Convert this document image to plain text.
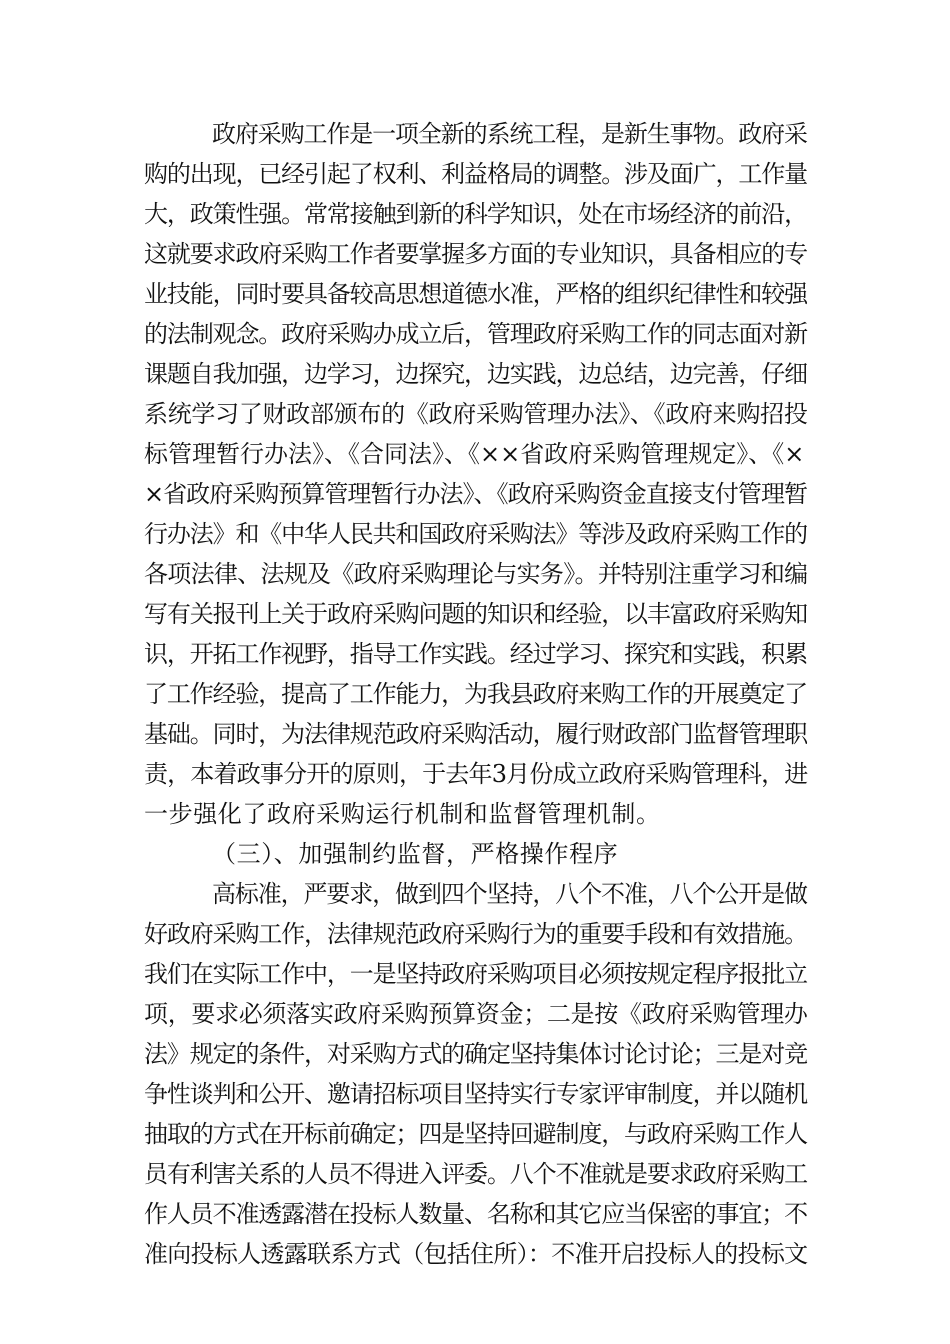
政府采购工作是一项全新的系统工程，是新生事物。政府采
购的出现，已经引起了权利、利益格局的调整。涉及面广，工作量
大，政策性强。常常接触到新的科学知识，处在市场经济的前沿，
这就要求政府采购工作者要掌握多方面的专业知识，具备相应的专
业技能，同时要具备较高思想道德水准，严格的组织纪律性和较强
的法制观念。政府采购办成立后，管理政府采购工作的同志面对新
课题自我加强，边学习，边探究，边实践，边总结，边完善，仔细
系统学习了财政部颁布的《政府采购管理办法》、《政府来购招投
标管理暂行办法》、《合同法》、《××省政府采购管理规定》、《×
×省政府采购预算管理暂行办法》、《政府采购资金直接支付管理暂
行办法》和《中华人民共和国政府采购法》等涉及政府采购工作的
各项法律、法规及《政府采购理论与实务》。并特别注重学习和编
写有关报刊上关于政府采购问题的知识和经验，以丰富政府采购知
识，开拓工作视野，指导工作实践。经过学习、探究和实践，积累
了工作经验，提高了工作能力，为我县政府来购工作的开展奠定了
基础。同时，为法律规范政府采购活动，履行财政部门监督管理职
责，本着政事分开的原则，于去年3月份成立政府采购管理科，进
一步强化了政府采购运行机制和监督管理机制。
（三）、加强制约监督，严格操作程序
高标准，严要求，做到四个坚持，八个不准，八个公开是做
好政府采购工作，法律规范政府采购行为的重要手段和有效措施。
我们在实际工作中，一是坚持政府采购项目必须按规定程序报批立
项，要求必须落实政府采购预算资金；二是按《政府采购管理办
法》规定的条件，对采购方式的确定坚持集体讨论讨论；三是对竞
争性谈判和公开、邀请招标项目坚持实行专家评审制度，并以随机
抽取的方式在开标前确定；四是坚持回避制度，与政府采购工作人
员有利害关系的人员不得进入评委。八个不准就是要求政府采购工
作人员不准透露潜在投标人数量、名称和其它应当保密的事宜；不
准向投标人透露联系方式（包括住所）：不准开启投标人的投标文
